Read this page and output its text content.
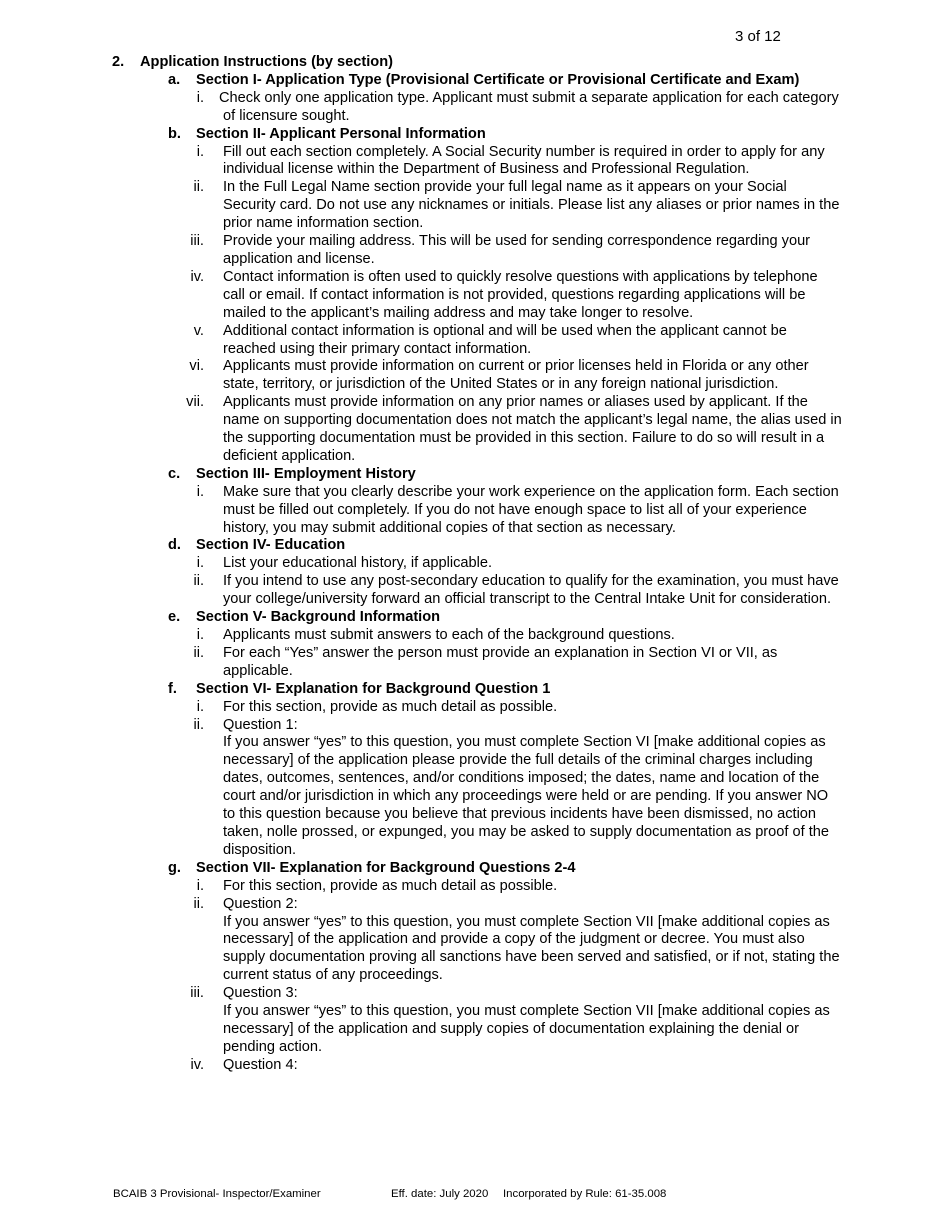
3 of 12
2. Application Instructions (by section)
a. Section I- Application Type (Provisional Certificate or Provisional Certificate and Exam)
i. Check only one application type. Applicant must submit a separate application for each category of licensure sought.
b. Section II- Applicant Personal Information
i. Fill out each section completely. A Social Security number is required in order to apply for any individual license within the Department of Business and Professional Regulation.
ii. In the Full Legal Name section provide your full legal name as it appears on your Social Security card. Do not use any nicknames or initials. Please list any aliases or prior names in the prior name information section.
iii. Provide your mailing address. This will be used for sending correspondence regarding your application and license.
iv. Contact information is often used to quickly resolve questions with applications by telephone call or email. If contact information is not provided, questions regarding applications will be mailed to the applicant’s mailing address and may take longer to resolve.
v. Additional contact information is optional and will be used when the applicant cannot be reached using their primary contact information.
vi. Applicants must provide information on current or prior licenses held in Florida or any other state, territory, or jurisdiction of the United States or in any foreign national jurisdiction.
vii. Applicants must provide information on any prior names or aliases used by applicant. If the name on supporting documentation does not match the applicant’s legal name, the alias used in the supporting documentation must be provided in this section. Failure to do so will result in a deficient application.
c. Section III- Employment History
i. Make sure that you clearly describe your work experience on the application form. Each section must be filled out completely. If you do not have enough space to list all of your experience history, you may submit additional copies of that section as necessary.
d. Section IV- Education
i. List your educational history, if applicable.
ii. If you intend to use any post-secondary education to qualify for the examination, you must have your college/university forward an official transcript to the Central Intake Unit for consideration.
e. Section V- Background Information
i. Applicants must submit answers to each of the background questions.
ii. For each “Yes” answer the person must provide an explanation in Section VI or VII, as applicable.
f. Section VI- Explanation for Background Question 1
i. For this section, provide as much detail as possible.
ii. Question 1:
If you answer “yes” to this question, you must complete Section VI [make additional copies as necessary] of the application please provide the full details of the criminal charges including dates, outcomes, sentences, and/or conditions imposed; the dates, name and location of the court and/or jurisdiction in which any proceedings were held or are pending. If you answer NO to this question because you believe that previous incidents have been dismissed, no action taken, nolle prossed, or expunged, you may be asked to supply documentation as proof of the disposition.
g. Section VII- Explanation for Background Questions 2-4
i. For this section, provide as much detail as possible.
ii. Question 2:
If you answer “yes” to this question, you must complete Section VII [make additional copies as necessary] of the application and provide a copy of the judgment or decree. You must also supply documentation proving all sanctions have been served and satisfied, or if not, stating the current status of any proceedings.
iii. Question 3:
If you answer “yes” to this question, you must complete Section VII [make additional copies as necessary] of the application and supply copies of documentation explaining the denial or pending action.
iv. Question 4:
BCAIB 3 Provisional- Inspector/Examiner	Eff. date: July 2020 Incorporated by Rule: 61-35.008
